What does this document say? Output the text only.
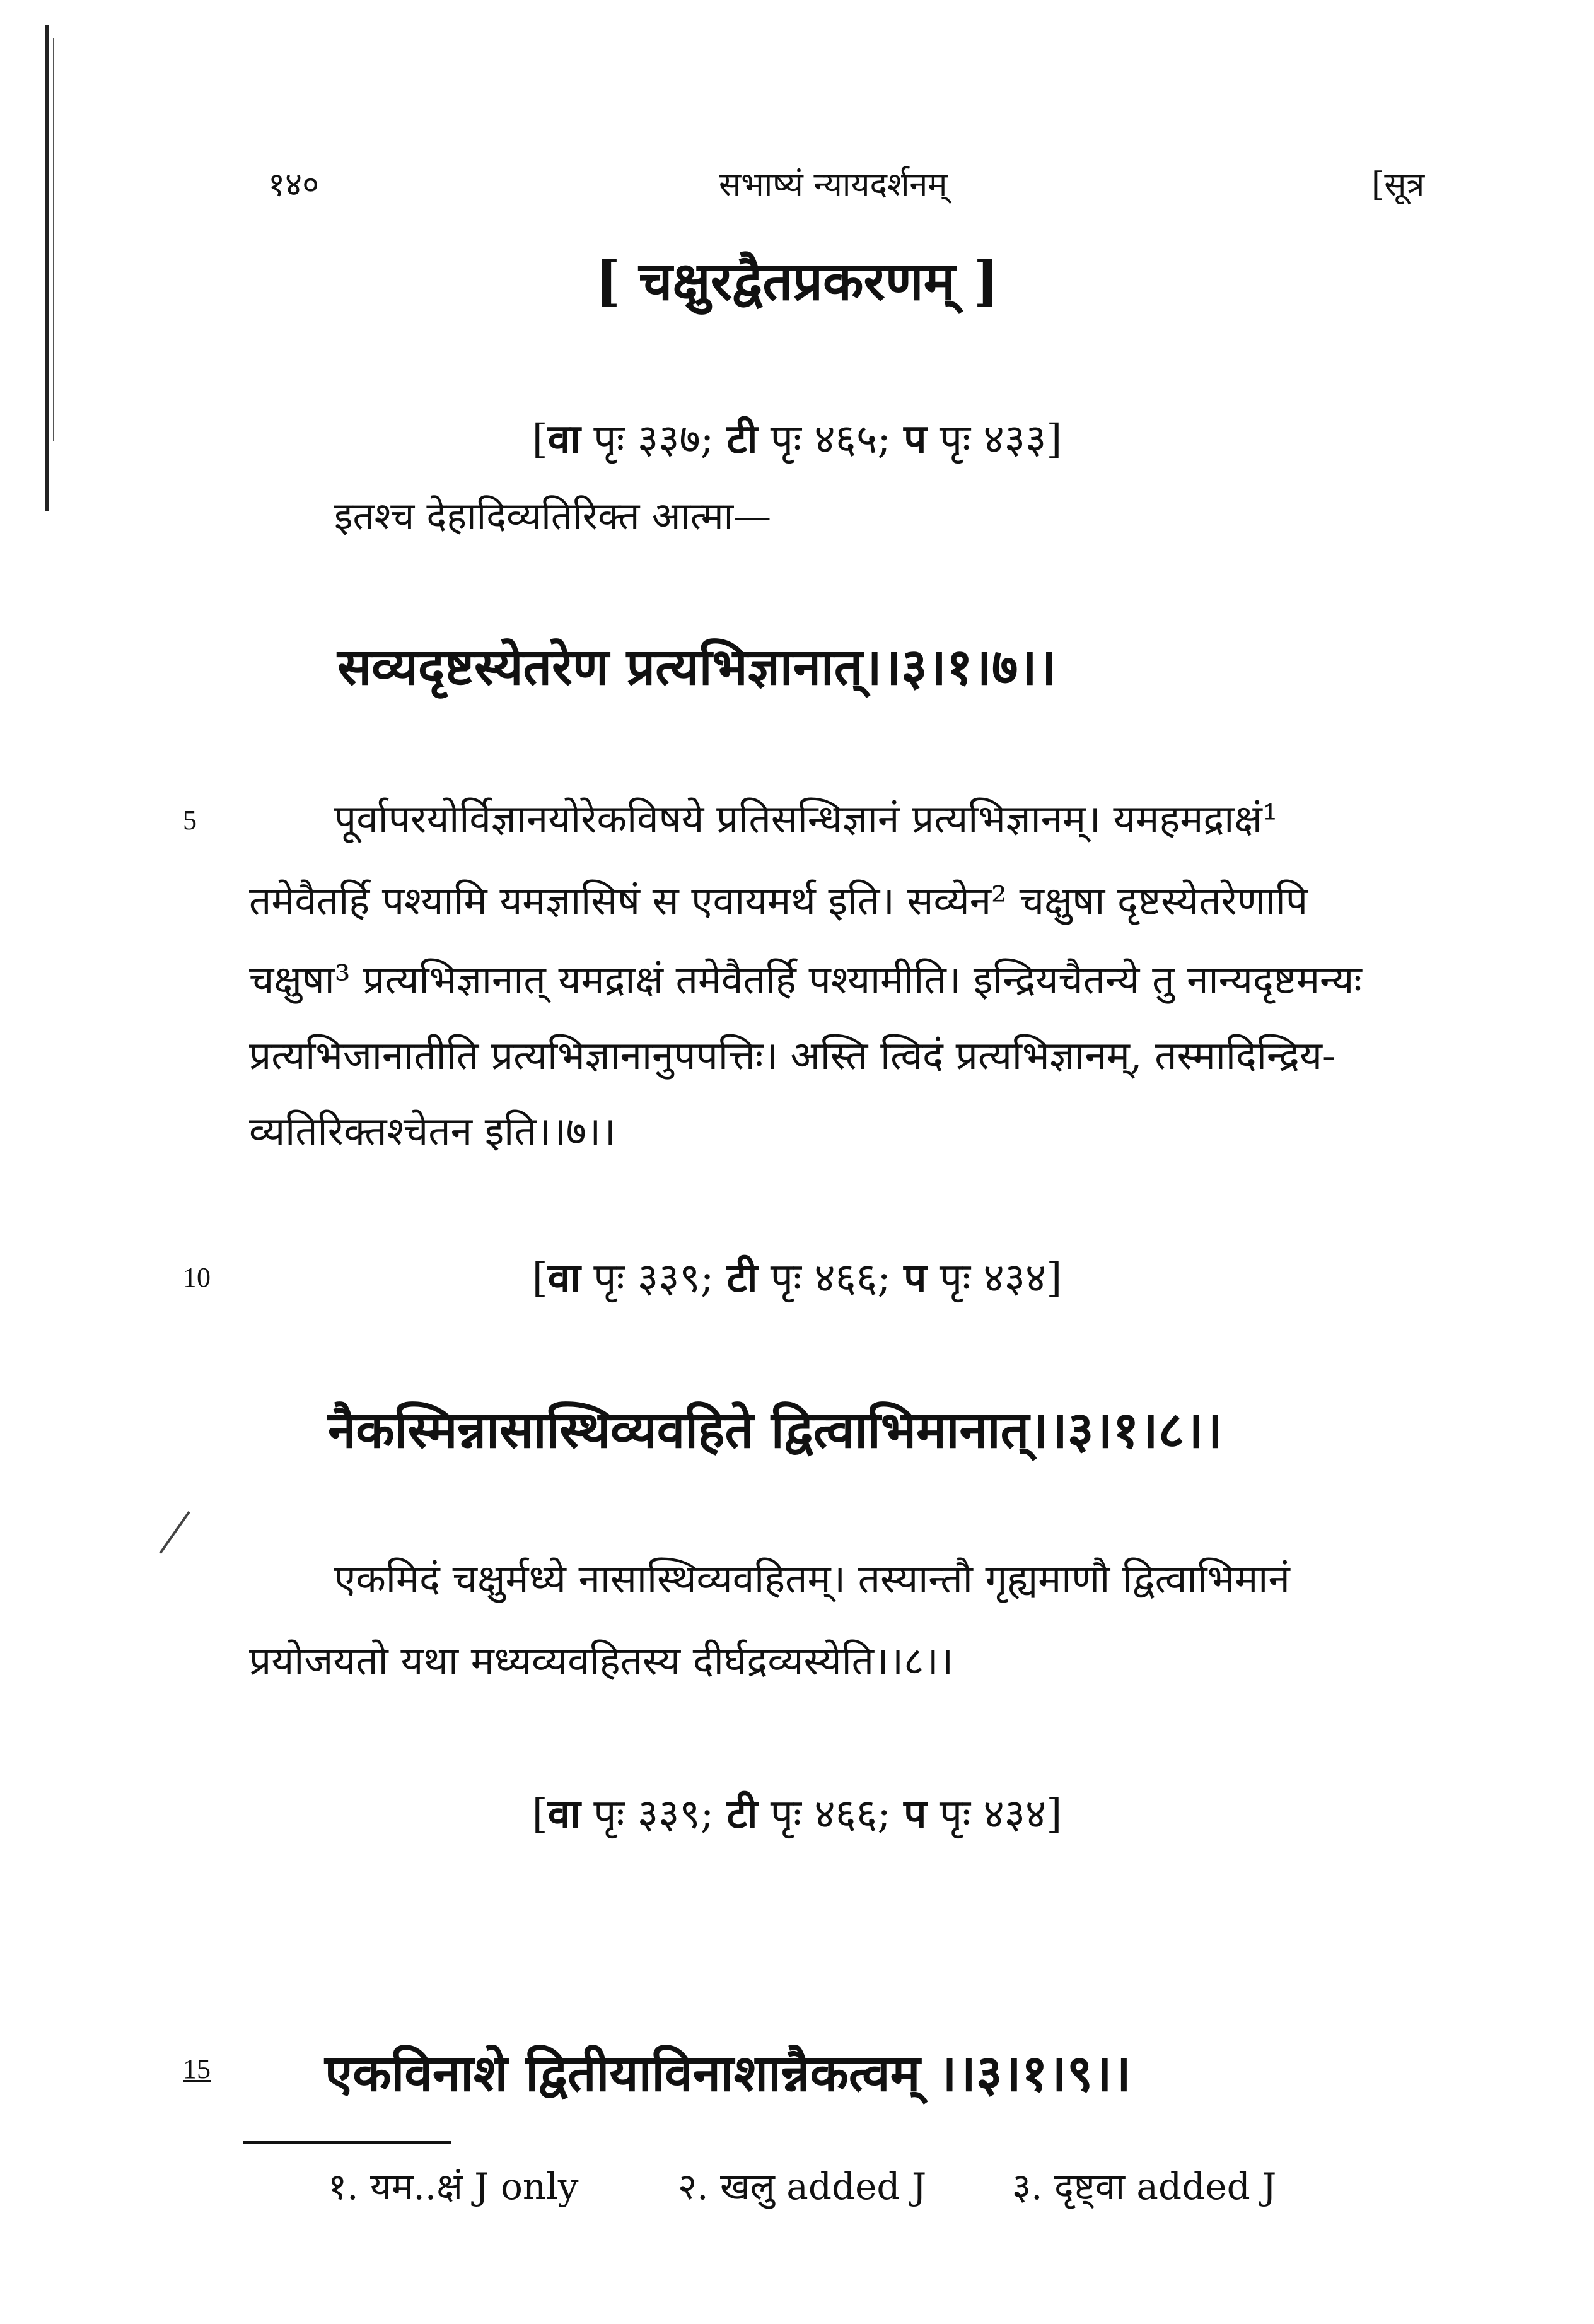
१४०	सभाष्यं न्यायदर्शनम्	[सूत्र
[ चक्षुरद्वैतप्रकरणम् ]
[वा पृः ३३७; टी पृः ४६५; प पृः ४३३]
इतश्च देहादिव्यतिरिक्त आत्मा—
सव्यदृष्टस्येतरेण प्रत्यभिज्ञानात्।।३।१।७।।
5	पूर्वापरयोर्विज्ञानयोरेकविषये प्रतिसन्धिज्ञानं प्रत्यभिज्ञानम्। यमहमद्राक्षं¹
तमेवैतर्हि पश्यामि यमज्ञासिषं स एवायमर्थ इति। सव्येन² चक्षुषा दृष्टस्येतरेणापि
चक्षुषा³ प्रत्यभिज्ञानात् यमद्राक्षं तमेवैतर्हि पश्यामीति। इन्द्रियचैतन्ये तु नान्यदृष्टमन्यः
प्रत्यभिजानातीति प्रत्यभिज्ञानानुपपत्तिः। अस्ति त्विदं प्रत्यभिज्ञानम्, तस्मादिन्द्रिय-
व्यतिरिक्तश्चेतन इति।।७।।
10	[वा पृः ३३९; टी पृः ४६६; प पृः ४३४]
नैकस्मिन्नासास्थिव्यवहिते द्वित्वाभिमानात्।।३।१।८।।
एकमिदं चक्षुर्मध्ये नासास्थिव्यवहितम्। तस्यान्तौ गृह्यमाणौ द्वित्वाभिमानं
प्रयोजयतो यथा मध्यव्यवहितस्य दीर्घद्रव्यस्येति।।८।।
[वा पृः ३३९; टी पृः ४६६; प पृः ४३४]
15 एकविनाशे द्वितीयाविनाशान्नैकत्वम् ।।३।१।९।।
१. यम..क्षं J only	२. खलु added J ३. दृष्ट्वा added J
